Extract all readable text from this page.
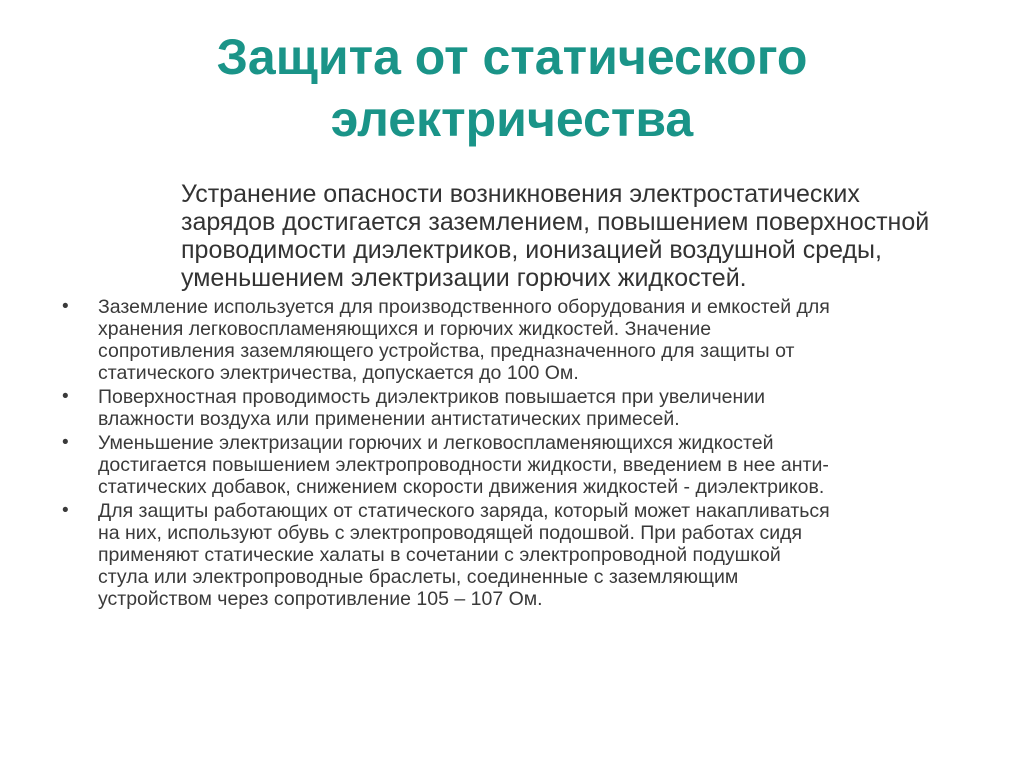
Защита от статического
электричества
Устранение опасности возникновения электростатических
зарядов достигается заземлением, повышением поверхностной
проводимости диэлектриков, ионизацией воздушной среды,
уменьшением электризации горючих жидкостей.
• Заземление используется для производственного оборудования и емкостей для
хранения легковоспламеняющихся и горючих жидкостей. Значение
сопротивления заземляющего устройства, предназначенного для защиты от
статического электричества, допускается до 100 Ом.
• Поверхностная проводимость диэлектриков повышается при увеличении
влажности воздуха или применении антистатических примесей.
• Уменьшение электризации горючих и легковоспламеняющихся жидкостей
достигается повышением электропроводности жидкости, введением в нее анти-
статических добавок, снижением скорости движения жидкостей - диэлектриков.
• Для защиты работающих от статического заряда, который может накапливаться
на них, используют обувь с электропроводящей подошвой. При работах сидя
применяют статические халаты в сочетании с электропроводной подушкой
стула или электропроводные браслеты, соединенные с заземляющим
устройством через сопротивление 105 – 107 Ом.
